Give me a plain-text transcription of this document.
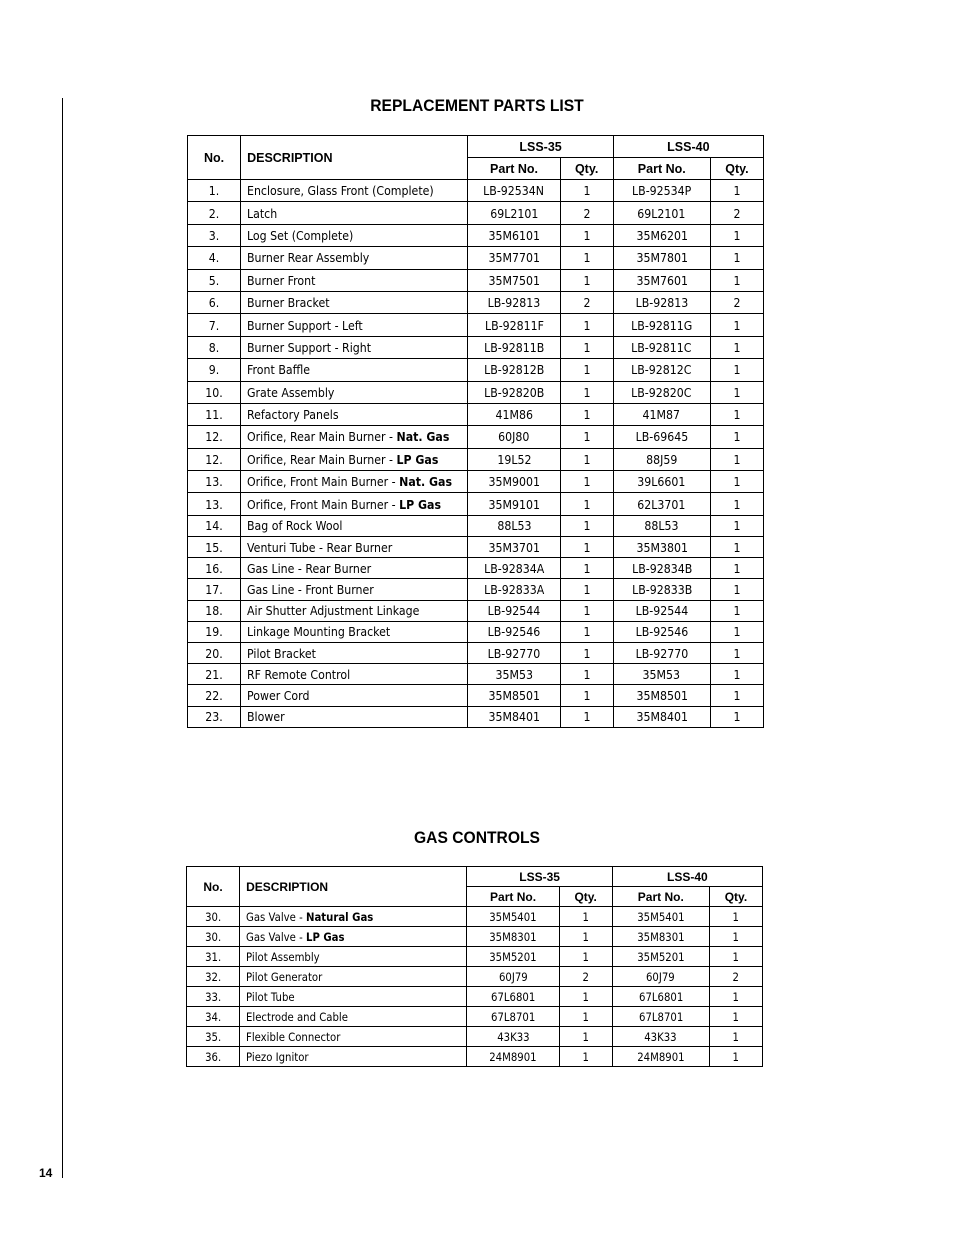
REPLACEMENT PARTS LIST
No.	DESCRIPTION	LSS-35		LSS-40	
		Part No.	Qty.	Part No.	Qty.
1.	Enclosure, Glass Front (Complete)	LB-92534N	1	LB-92534P	1
2.	Latch	69L2101	2	69L2101	2
3.	Log Set (Complete)	35M6101	1	35M6201	1
4.	Burner Rear Assembly	35M7701	1	35M7801	1
5.	Burner Front	35M7501	1	35M7601	1
6.	Burner Bracket	LB-92813	2	LB-92813	2
7.	Burner Support - Left	LB-92811F	1	LB-92811G	1
8.	Burner Support - Right	LB-92811B	1	LB-92811C	1
9.	Front Baffle	LB-92812B	1	LB-92812C	1
10.	Grate Assembly	LB-92820B	1	LB-92820C	1
11.	Refactory Panels	41M86	1	41M87	1
12.	Orifice, Rear Main Burner - Nat. Gas	60J80	1	LB-69645	1
12.	Orifice, Rear Main Burner - LP Gas	19L52	1	88J59	1
13.	Orifice, Front Main Burner - Nat. Gas	35M9001	1	39L6601	1
13.	Orifice, Front Main Burner - LP Gas	35M9101	1	62L3701	1
14.	Bag of Rock Wool	88L53	1	88L53	1
15.	Venturi Tube - Rear Burner	35M3701	1	35M3801	1
16.	Gas Line - Rear Burner	LB-92834A	1	LB-92834B	1
17.	Gas Line - Front Burner	LB-92833A	1	LB-92833B	1
18.	Air Shutter Adjustment Linkage	LB-92544	1	LB-92544	1
19.	Linkage Mounting Bracket	LB-92546	1	LB-92546	1
20.	Pilot Bracket	LB-92770	1	LB-92770	1
21.	RF Remote Control	35M53	1	35M53	1
22.	Power Cord	35M8501	1	35M8501	1
23.	Blower	35M8401	1	35M8401	1
GAS CONTROLS
No.	DESCRIPTION	LSS-35		LSS-40	
		Part No.	Qty.	Part No.	Qty.
30.	Gas Valve - Natural Gas	35M5401	1	35M5401	1
30.	Gas Valve - LP Gas	35M8301	1	35M8301	1
31.	Pilot Assembly	35M5201	1	35M5201	1
32.	Pilot Generator	60J79	2	60J79	2
33.	Pilot Tube	67L6801	1	67L6801	1
34.	Electrode and Cable	67L8701	1	67L8701	1
35.	Flexible Connector	43K33	1	43K33	1
36.	Piezo Ignitor	24M8901	1	24M8901	1
14
